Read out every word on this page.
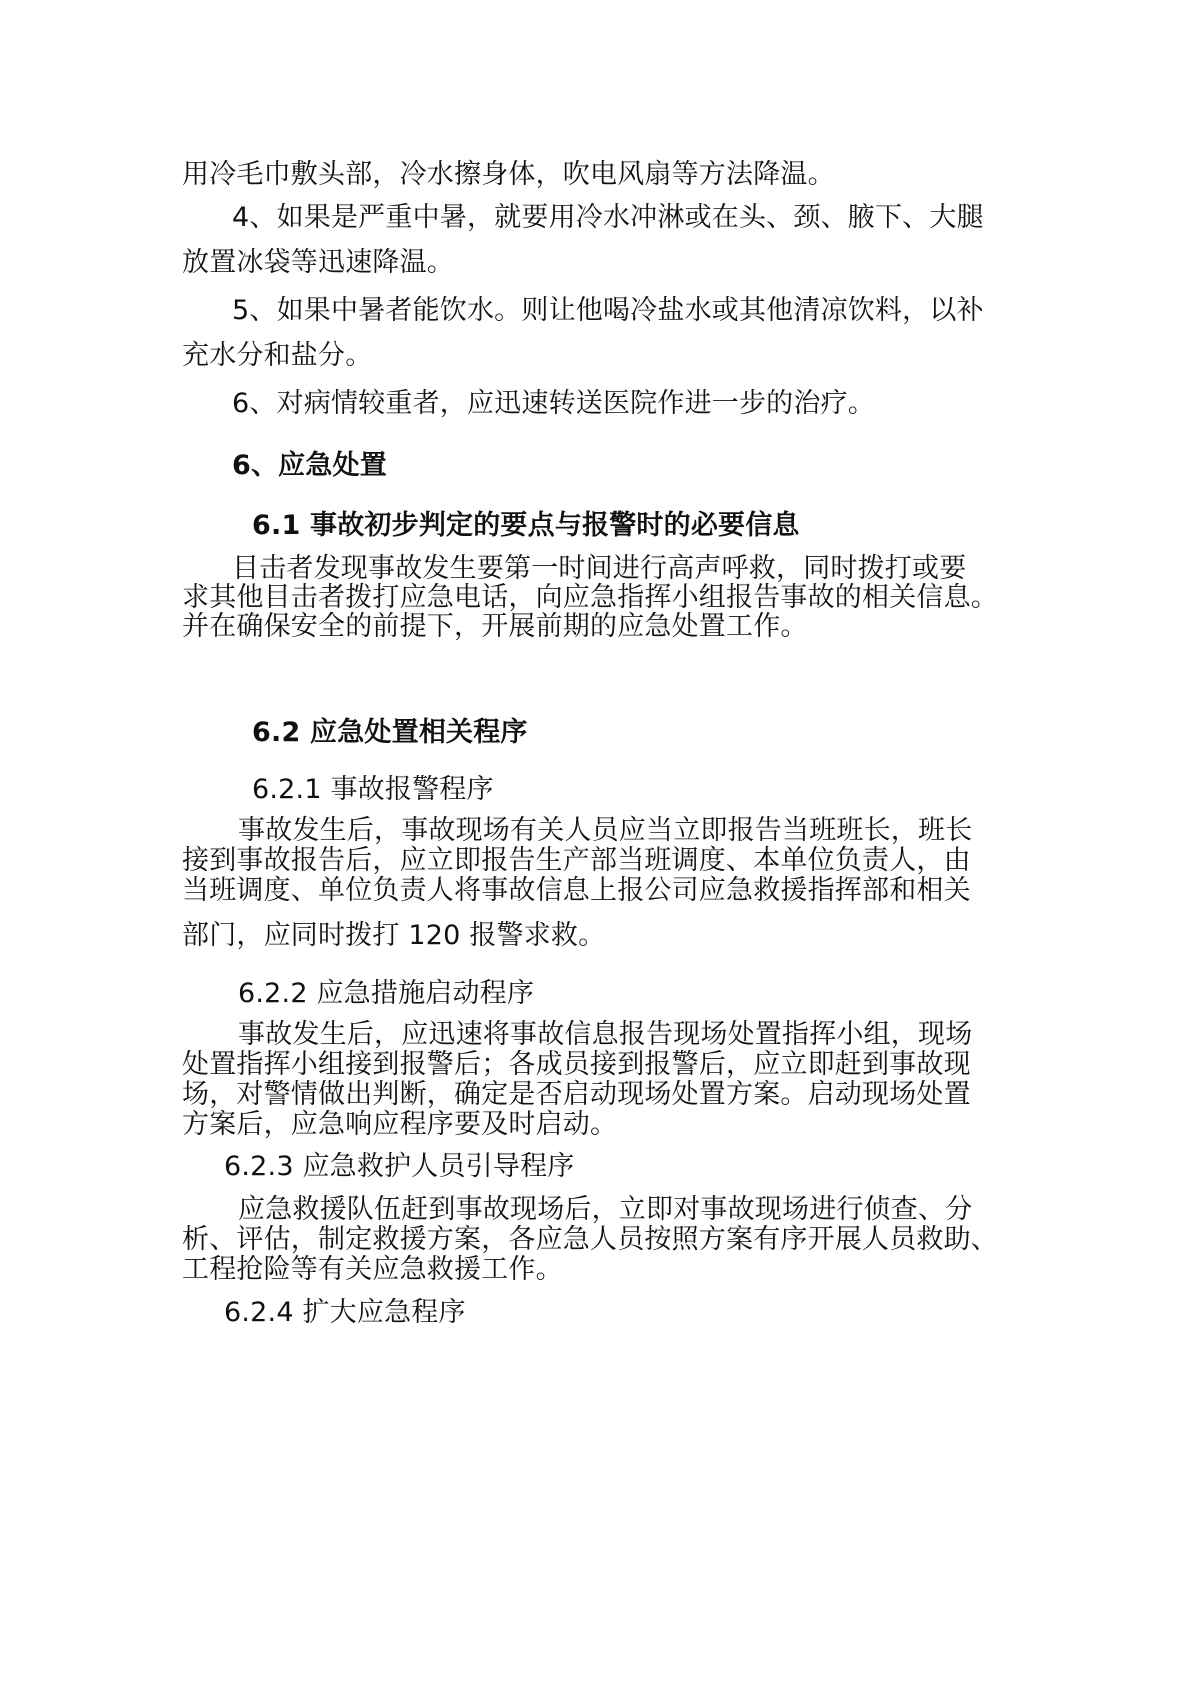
用冷毛巾敷头部，冷水擦身体，吹电风扇等方法降温。
4、如果是严重中暑，就要用冷水冲淋或在头、颈、腋下、大腿
放置冰袋等迅速降温。
5、如果中暑者能饮水。则让他喝冷盐水或其他清凉饮料，以补
充水分和盐分。
6、对病情较重者，应迅速转送医院作进一步的治疗。
6、应急处置
6.1 事故初步判定的要点与报警时的必要信息
目击者发现事故发生要第一时间进行高声呼救，同时拨打或要
求其他目击者拨打应急电话，向应急指挥小组报告事故的相关信息。
并在确保安全的前提下，开展前期的应急处置工作。
6.2 应急处置相关程序
6.2.1 事故报警程序
事故发生后，事故现场有关人员应当立即报告当班班长，班长
接到事故报告后，应立即报告生产部当班调度、本单位负责人，由
当班调度、单位负责人将事故信息上报公司应急救援指挥部和相关
部门，应同时拨打 120 报警求救。
6.2.2 应急措施启动程序
事故发生后，应迅速将事故信息报告现场处置指挥小组，现场
处置指挥小组接到报警后；各成员接到报警后，应立即赶到事故现
场，对警情做出判断，确定是否启动现场处置方案。启动现场处置
方案后，应急响应程序要及时启动。
6.2.3 应急救护人员引导程序
应急救援队伍赶到事故现场后，立即对事故现场进行侦查、分
析、评估，制定救援方案，各应急人员按照方案有序开展人员救助、
工程抢险等有关应急救援工作。
6.2.4 扩大应急程序
